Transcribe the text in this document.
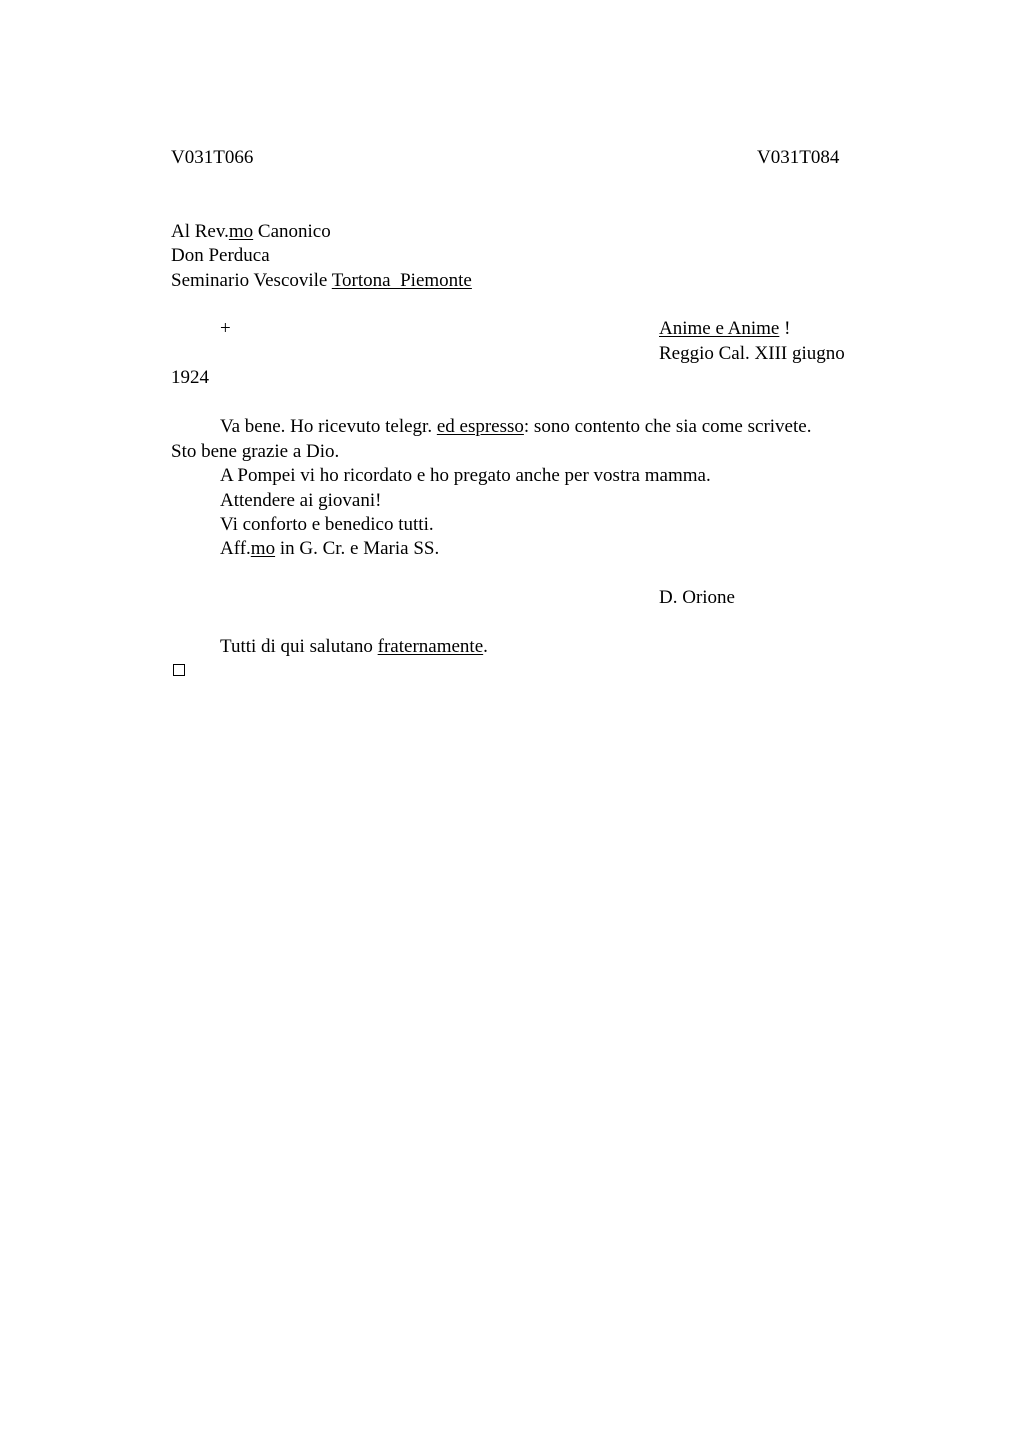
V031T066	V031T084
Al Rev.mo Canonico
Don Perduca
Seminario Vescovile Tortona  Piemonte
+	Anime e Anime !
Reggio Cal. XIII giugno
1924
Va bene. Ho ricevuto telegr. ed espresso: sono contento che sia come scrivete.
Sto bene grazie a Dio.
A Pompei vi ho ricordato e ho pregato anche per vostra mamma.
Attendere ai giovani!
Vi conforto e benedico tutti.
Aff.mo in G. Cr. e Maria SS.
D. Orione
Tutti di qui salutano fraternamente.
